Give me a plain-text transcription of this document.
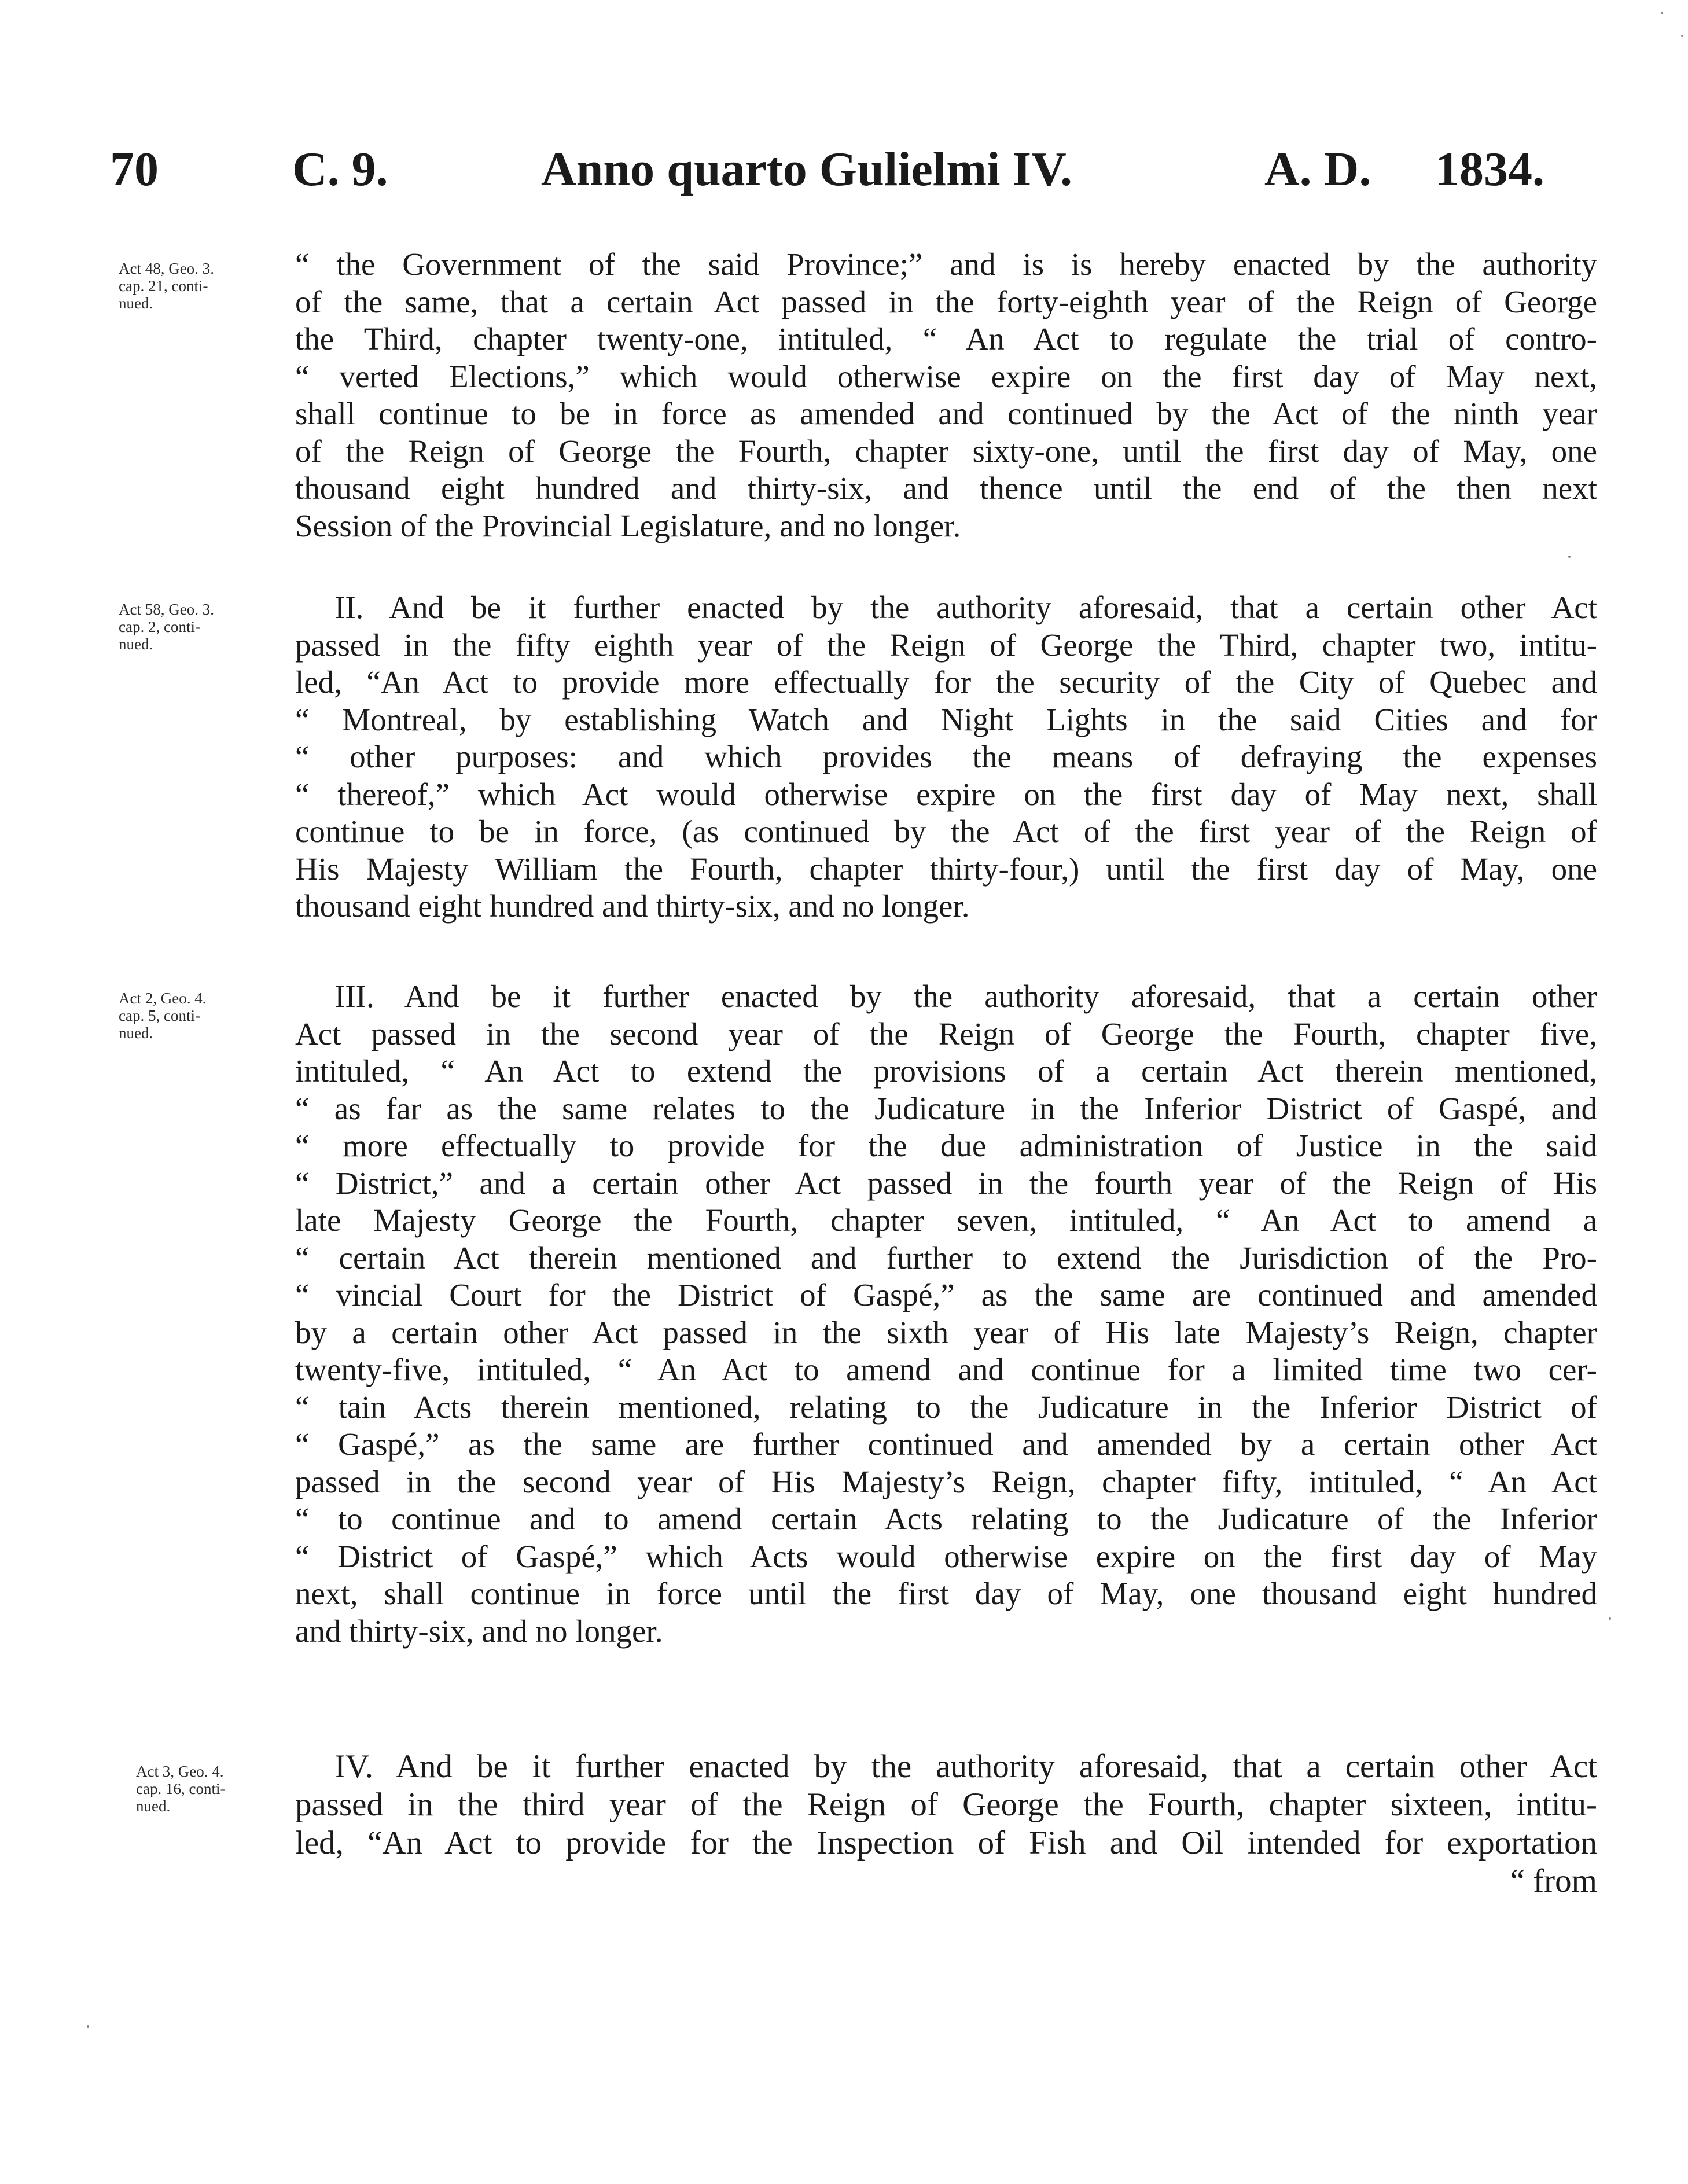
70	C. 9.	Anno quarto Gulielmi IV.	A. D. 1834.
Act 48, Geo. 3.
cap. 21, conti-
nued.
“ the Government of the said Province;” and is is hereby enacted by the authority
of the same, that a certain Act passed in the forty-eighth year of the Reign of George
the Third, chapter twenty-one, intituled, “ An Act to regulate the trial of contro-
“ verted Elections,” which would otherwise expire on the first day of May next,
shall continue to be in force as amended and continued by the Act of the ninth year
of the Reign of George the Fourth, chapter sixty-one, until the first day of May, one
thousand eight hundred and thirty-six, and thence until the end of the then next
Session of the Provincial Legislature, and no longer.
Act 58, Geo. 3.
cap. 2, conti-
nued.
II. And be it further enacted by the authority aforesaid, that a certain other Act
passed in the fifty eighth year of the Reign of George the Third, chapter two, intitu-
led, “An Act to provide more effectually for the security of the City of Quebec and
“ Montreal, by establishing Watch and Night Lights in the said Cities and for
“ other purposes: and which provides the means of defraying the expenses
“ thereof,” which Act would otherwise expire on the first day of May next, shall
continue to be in force, (as continued by the Act of the first year of the Reign of
His Majesty William the Fourth, chapter thirty-four,) until the first day of May, one
thousand eight hundred and thirty-six, and no longer.
Act 2, Geo. 4.
cap. 5, conti-
nued.
III. And be it further enacted by the authority aforesaid, that a certain other
Act passed in the second year of the Reign of George the Fourth, chapter five,
intituled, “ An Act to extend the provisions of a certain Act therein mentioned,
“ as far as the same relates to the Judicature in the Inferior District of Gaspé, and
“ more effectually to provide for the due administration of Justice in the said
“ District,” and a certain other Act passed in the fourth year of the Reign of His
late Majesty George the Fourth, chapter seven, intituled, “ An Act to amend a
“ certain Act therein mentioned and further to extend the Jurisdiction of the Pro-
“ vincial Court for the District of Gaspé,” as the same are continued and amended
by a certain other Act passed in the sixth year of His late Majesty’s Reign, chapter
twenty-five, intituled, “ An Act to amend and continue for a limited time two cer-
“ tain Acts therein mentioned, relating to the Judicature in the Inferior District of
“ Gaspé,” as the same are further continued and amended by a certain other Act
passed in the second year of His Majesty’s Reign, chapter fifty, intituled, “ An Act
“ to continue and to amend certain Acts relating to the Judicature of the Inferior
“ District of Gaspé,” which Acts would otherwise expire on the first day of May
next, shall continue in force until the first day of May, one thousand eight hundred
and thirty-six, and no longer.
Act 3, Geo. 4.
cap. 16, conti-
nued.
IV. And be it further enacted by the authority aforesaid, that a certain other Act
passed in the third year of the Reign of George the Fourth, chapter sixteen, intitu-
led, “An Act to provide for the Inspection of Fish and Oil intended for exportation
“ from
